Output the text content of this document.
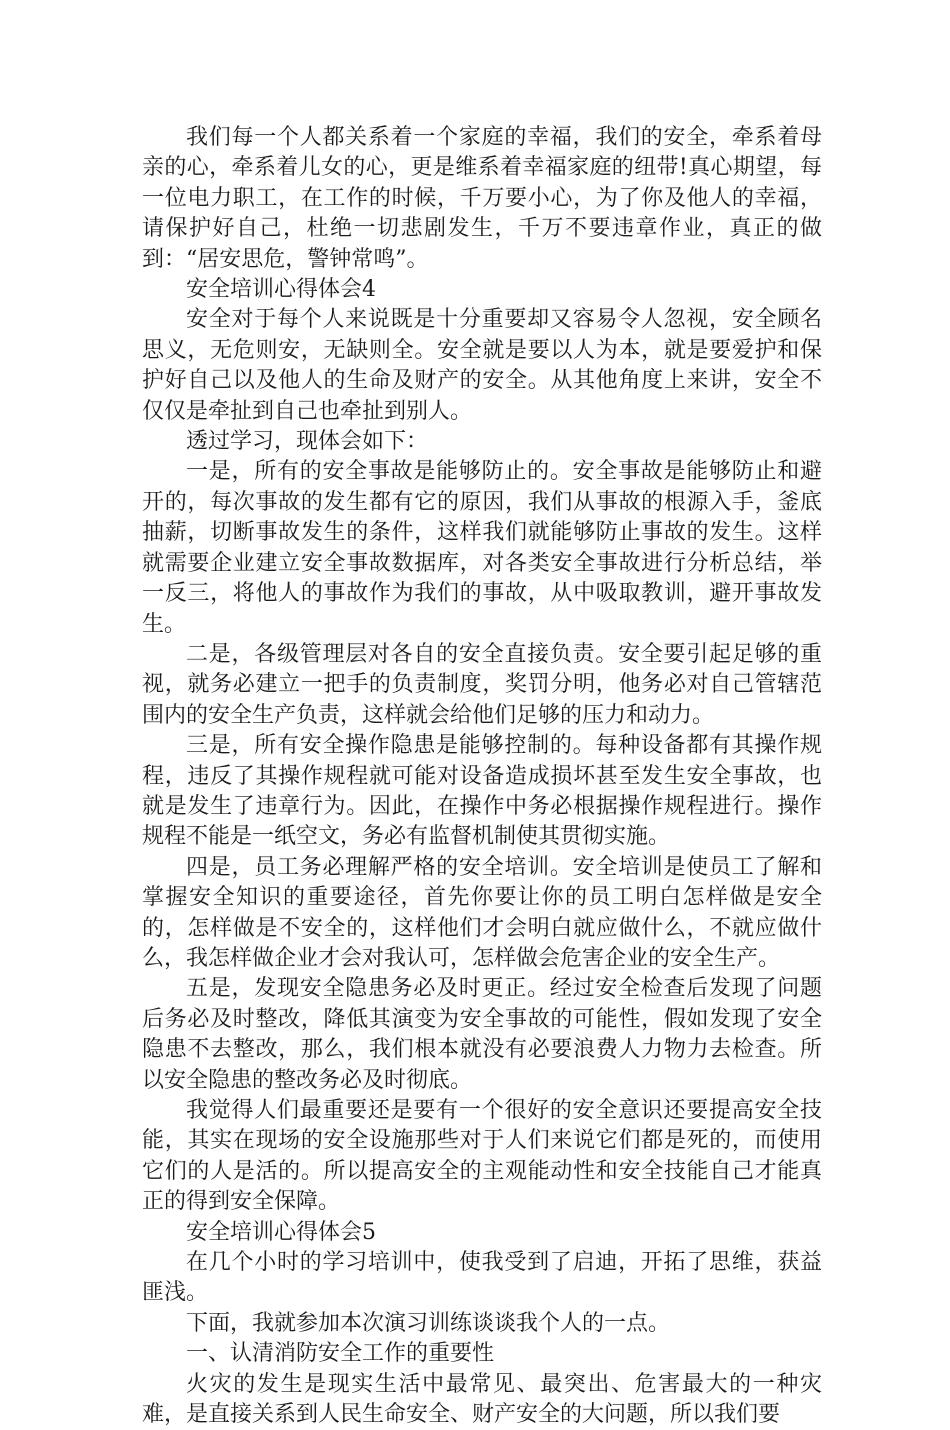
我们每一个人都关系着一个家庭的幸福，我们的安全，牵系着母亲的心，牵系着儿女的心，更是维系着幸福家庭的纽带!真心期望，每一位电力职工，在工作的时候，千万要小心，为了你及他人的幸福，请保护好自己，杜绝一切悲剧发生，千万不要违章作业，真正的做到：“居安思危，警钟常鸣”。

安全培训心得体会4

安全对于每个人来说既是十分重要却又容易令人忽视，安全顾名思义，无危则安，无缺则全。安全就是要以人为本，就是要爱护和保护好自己以及他人的生命及财产的安全。从其他角度上来讲，安全不仅仅是牵扯到自己也牵扯到别人。

透过学习，现体会如下：

一是，所有的安全事故是能够防止的。安全事故是能够防止和避开的，每次事故的发生都有它的原因，我们从事故的根源入手，釜底抽薪，切断事故发生的条件，这样我们就能够防止事故的发生。这样就需要企业建立安全事故数据库，对各类安全事故进行分析总结，举一反三，将他人的事故作为我们的事故，从中吸取教训，避开事故发生。

二是，各级管理层对各自的安全直接负责。安全要引起足够的重视，就务必建立一把手的负责制度，奖罚分明，他务必对自己管辖范围内的安全生产负责，这样就会给他们足够的压力和动力。

三是，所有安全操作隐患是能够控制的。每种设备都有其操作规程，违反了其操作规程就可能对设备造成损坏甚至发生安全事故，也就是发生了违章行为。因此，在操作中务必根据操作规程进行。操作规程不能是一纸空文，务必有监督机制使其贯彻实施。

四是，员工务必理解严格的安全培训。安全培训是使员工了解和掌握安全知识的重要途径，首先你要让你的员工明白怎样做是安全的，怎样做是不安全的，这样他们才会明白就应做什么，不就应做什么，我怎样做企业才会对我认可，怎样做会危害企业的安全生产。

五是，发现安全隐患务必及时更正。经过安全检查后发现了问题后务必及时整改，降低其演变为安全事故的可能性，假如发现了安全隐患不去整改，那么，我们根本就没有必要浪费人力物力去检查。所以安全隐患的整改务必及时彻底。

我觉得人们最重要还是要有一个很好的安全意识还要提高安全技能，其实在现场的安全设施那些对于人们来说它们都是死的，而使用它们的人是活的。所以提高安全的主观能动性和安全技能自己才能真正的得到安全保障。

安全培训心得体会5

在几个小时的学习培训中，使我受到了启迪，开拓了思维，获益匪浅。

下面，我就参加本次演习训练谈谈我个人的一点。

一、认清消防安全工作的重要性

火灾的发生是现实生活中最常见、最突出、危害最大的一种灾难，是直接关系到人民生命安全、财产安全的大问题，所以我们要
